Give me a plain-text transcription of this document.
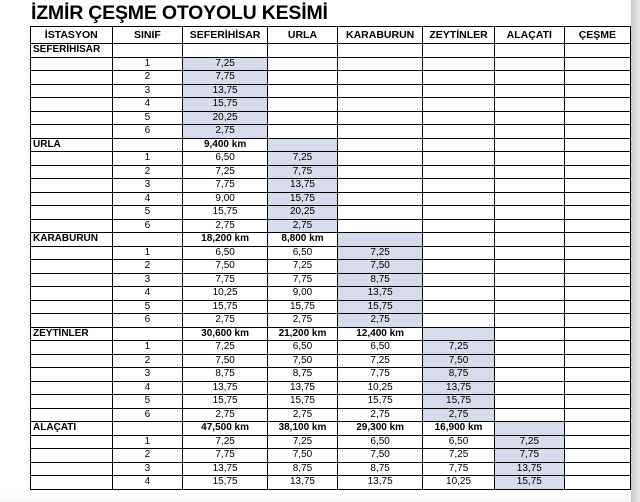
İZMİR ÇEŞME OTOYOLU KESİMİ
İSTASYON	SINIF	SEFERİHİSAR	URLA	KARABURUN	ZEYTİNLER	ALAÇATI	ÇEŞME
SEFERİHİSAR							
	1	7,25					
	2	7,75					
	3	13,75					
	4	15,75					
	5	20,25					
	6	2,75					
URLA		9,400 km					
	1	6,50	7,25				
	2	7,25	7,75				
	3	7,75	13,75				
	4	9,00	15,75				
	5	15,75	20,25				
	6	2,75	2,75				
KARABURUN		18,200 km	8,800 km				
	1	6,50	6,50	7,25			
	2	7,50	7,25	7,50			
	3	7,75	7,75	8,75			
	4	10,25	9,00	13,75			
	5	15,75	15,75	15,75			
	6	2,75	2,75	2,75			
ZEYTİNLER		30,600 km	21,200 km	12,400 km			
	1	7,25	6,50	6,50	7,25		
	2	7,50	7,50	7,25	7,50		
	3	8,75	8,75	7,75	8,75		
	4	13,75	13,75	10,25	13,75		
	5	15,75	15,75	15,75	15,75		
	6	2,75	2,75	2,75	2,75		
ALAÇATI		47,500 km	38,100 km	29,300 km	16,900 km		
	1	7,25	7,25	6,50	6,50	7,25	
	2	7,75	7,50	7,50	7,25	7,75	
	3	13,75	8,75	8,75	7,75	13,75	
	4	15,75	13,75	13,75	10,25	15,75	
